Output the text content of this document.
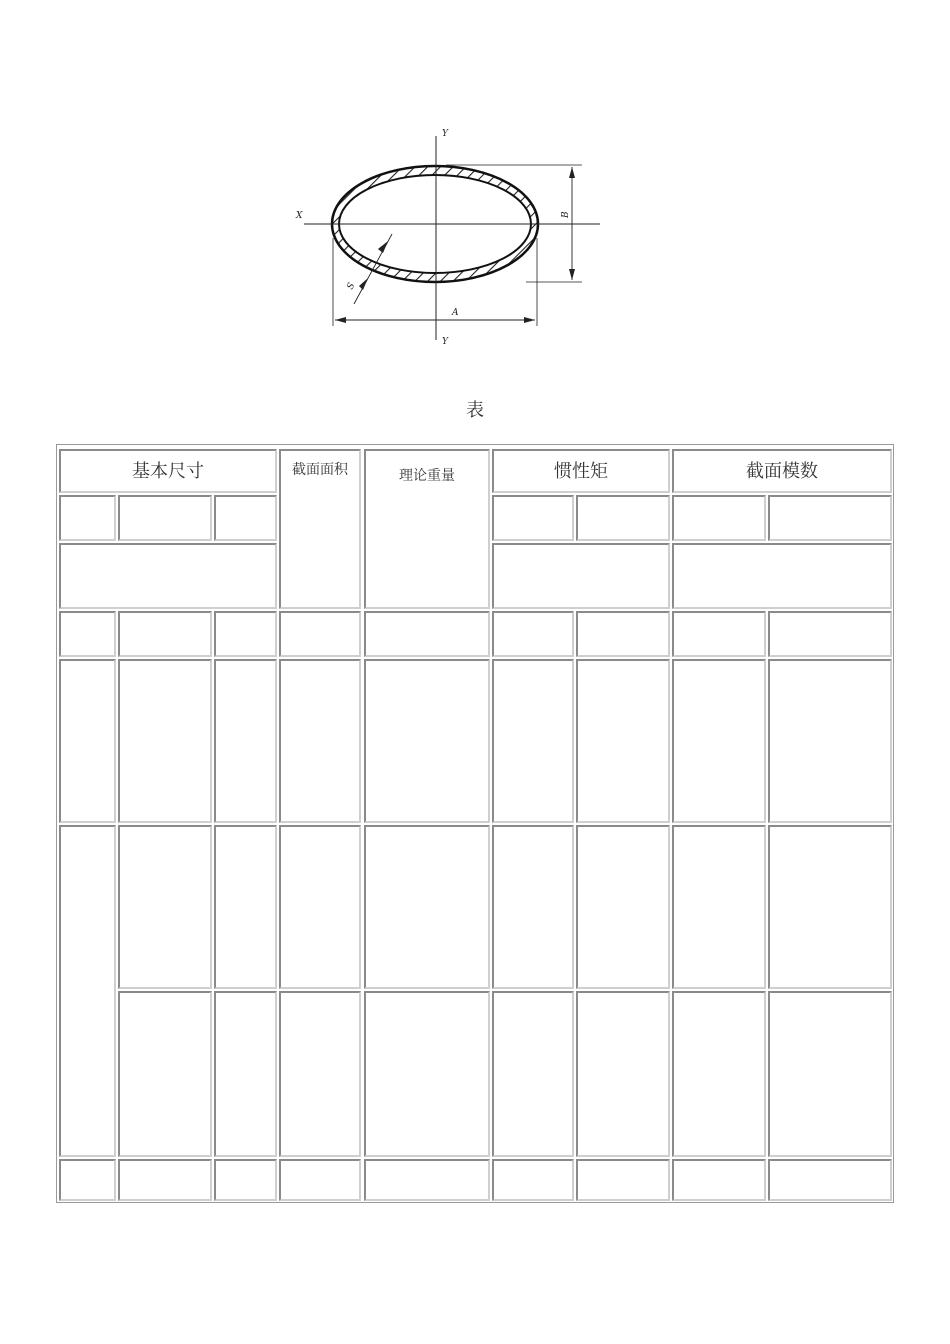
X
Y
Y
B
A
S
表
基本尺寸	截面面积	理论重量	惯性矩	截面模数
